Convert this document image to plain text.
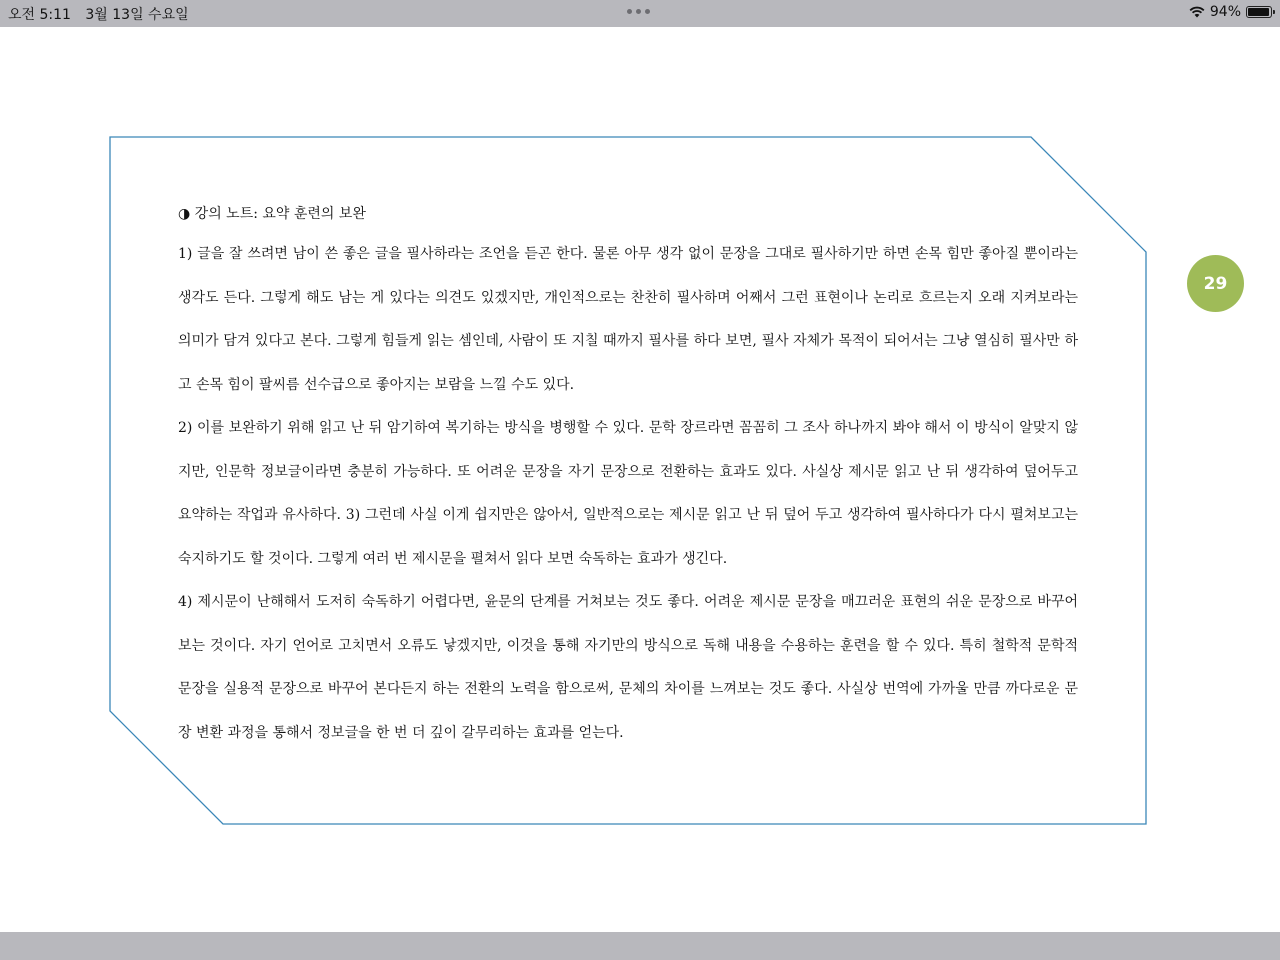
오전 5:11 3월 13일 수요일	94%
29

◑ 강의 노트: 요약 훈련의 보완

1) 글을 잘 쓰려면 남이 쓴 좋은 글을 필사하라는 조언을 듣곤 한다. 물론 아무 생각 없이 문장을 그대로 필사하기만 하면 손목 힘만 좋아질 뿐이라는 생각도 든다. 그렇게 해도 남는 게 있다는 의견도 있겠지만, 개인적으로는 찬찬히 필사하며 어째서 그런 표현이나 논리로 흐르는지 오래 지켜보라는 의미가 담겨 있다고 본다. 그렇게 힘들게 읽는 셈인데, 사람이 또 지칠 때까지 필사를 하다 보면, 필사 자체가 목적이 되어서는 그냥 열심히 필사만 하고 손목 힘이 팔씨름 선수급으로 좋아지는 보람을 느낄 수도 있다.

2) 이를 보완하기 위해 읽고 난 뒤 암기하여 복기하는 방식을 병행할 수 있다. 문학 장르라면 꼼꼼히 그 조사 하나까지 봐야 해서 이 방식이 알맞지 않지만, 인문학 정보글이라면 충분히 가능하다. 또 어려운 문장을 자기 문장으로 전환하는 효과도 있다. 사실상 제시문 읽고 난 뒤 생각하여 덮어두고 요약하는 작업과 유사하다. 3) 그런데 사실 이게 쉽지만은 않아서, 일반적으로는 제시문 읽고 난 뒤 덮어 두고 생각하여 필사하다가 다시 펼쳐보고는 숙지하기도 할 것이다. 그렇게 여러 번 제시문을 펼쳐서 읽다 보면 숙독하는 효과가 생긴다.

4) 제시문이 난해해서 도저히 숙독하기 어렵다면, 윤문의 단계를 거쳐보는 것도 좋다. 어려운 제시문 문장을 매끄러운 표현의 쉬운 문장으로 바꾸어 보는 것이다. 자기 언어로 고치면서 오류도 낳겠지만, 이것을 통해 자기만의 방식으로 독해 내용을 수용하는 훈련을 할 수 있다. 특히 철학적 문학적 문장을 실용적 문장으로 바꾸어 본다든지 하는 전환의 노력을 함으로써, 문체의 차이를 느껴보는 것도 좋다. 사실상 번역에 가까울 만큼 까다로운 문장 변환 과정을 통해서 정보글을 한 번 더 깊이 갈무리하는 효과를 얻는다.
